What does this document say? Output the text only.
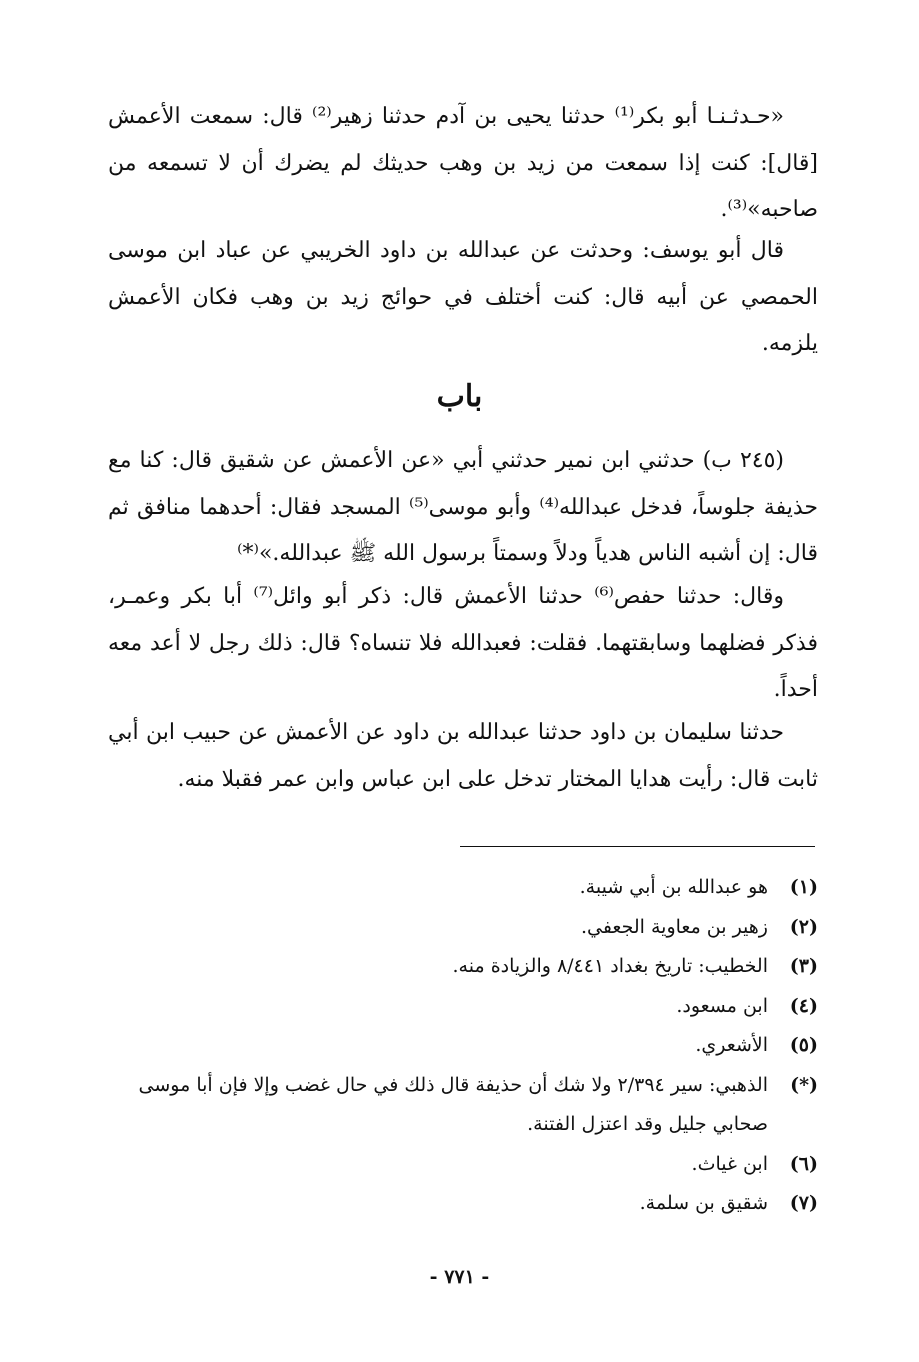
«حـدثـنـا أبو بكر⁽¹⁾ حدثنا يحيى بن آدم حدثنا زهير⁽²⁾ قال: سمعت الأعمش [قال]: كنت إذا سمعت من زيد بن وهب حديثك لم يضرك أن لا تسمعه من صاحبه»⁽³⁾.

قال أبو يوسف: وحدثت عن عبدالله بن داود الخريبي عن عباد ابن موسى الحمصي عن أبيه قال: كنت أختلف في حوائج زيد بن وهب فكان الأعمش يلزمه.

باب

(٢٤٥ ب) حدثني ابن نمير حدثني أبي «عن الأعمش عن شقيق قال: كنا مع حذيفة جلوساً، فدخل عبدالله⁽⁴⁾ وأبو موسى⁽⁵⁾ المسجد فقال: أحدهما منافق ثم قال: إن أشبه الناس هدياً ودلاً وسمتاً برسول الله ﷺ عبدالله.»⁽*⁾

وقال: حدثنا حفص⁽⁶⁾ حدثنا الأعمش قال: ذكر أبو وائل⁽⁷⁾ أبا بكر وعمـر، فذكر فضلهما وسابقتهما. فقلت: فعبدالله فلا تنساه؟ قال: ذلك رجل لا أعد معه أحداً.

حدثنا سليمان بن داود حدثنا عبدالله بن داود عن الأعمش عن حبيب ابن أبي ثابت قال: رأيت هدايا المختار تدخل على ابن عباس وابن عمر فقبلا منه.

(١)
هو عبدالله بن أبي شيبة.
(٢)
زهير بن معاوية الجعفي.
(٣)
الخطيب: تاريخ بغداد ٨/٤٤١ والزيادة منه.
(٤)
ابن مسعود.
(٥)
الأشعري.
(*)
الذهبي: سير ٢/٣٩٤ ولا شك أن حذيفة قال ذلك في حال غضب وإلا فإن أبا موسى صحابي جليل وقد اعتزل الفتنة.
(٦)
ابن غياث.
(٧)
شقيق بن سلمة.
- ٧٧١ -
